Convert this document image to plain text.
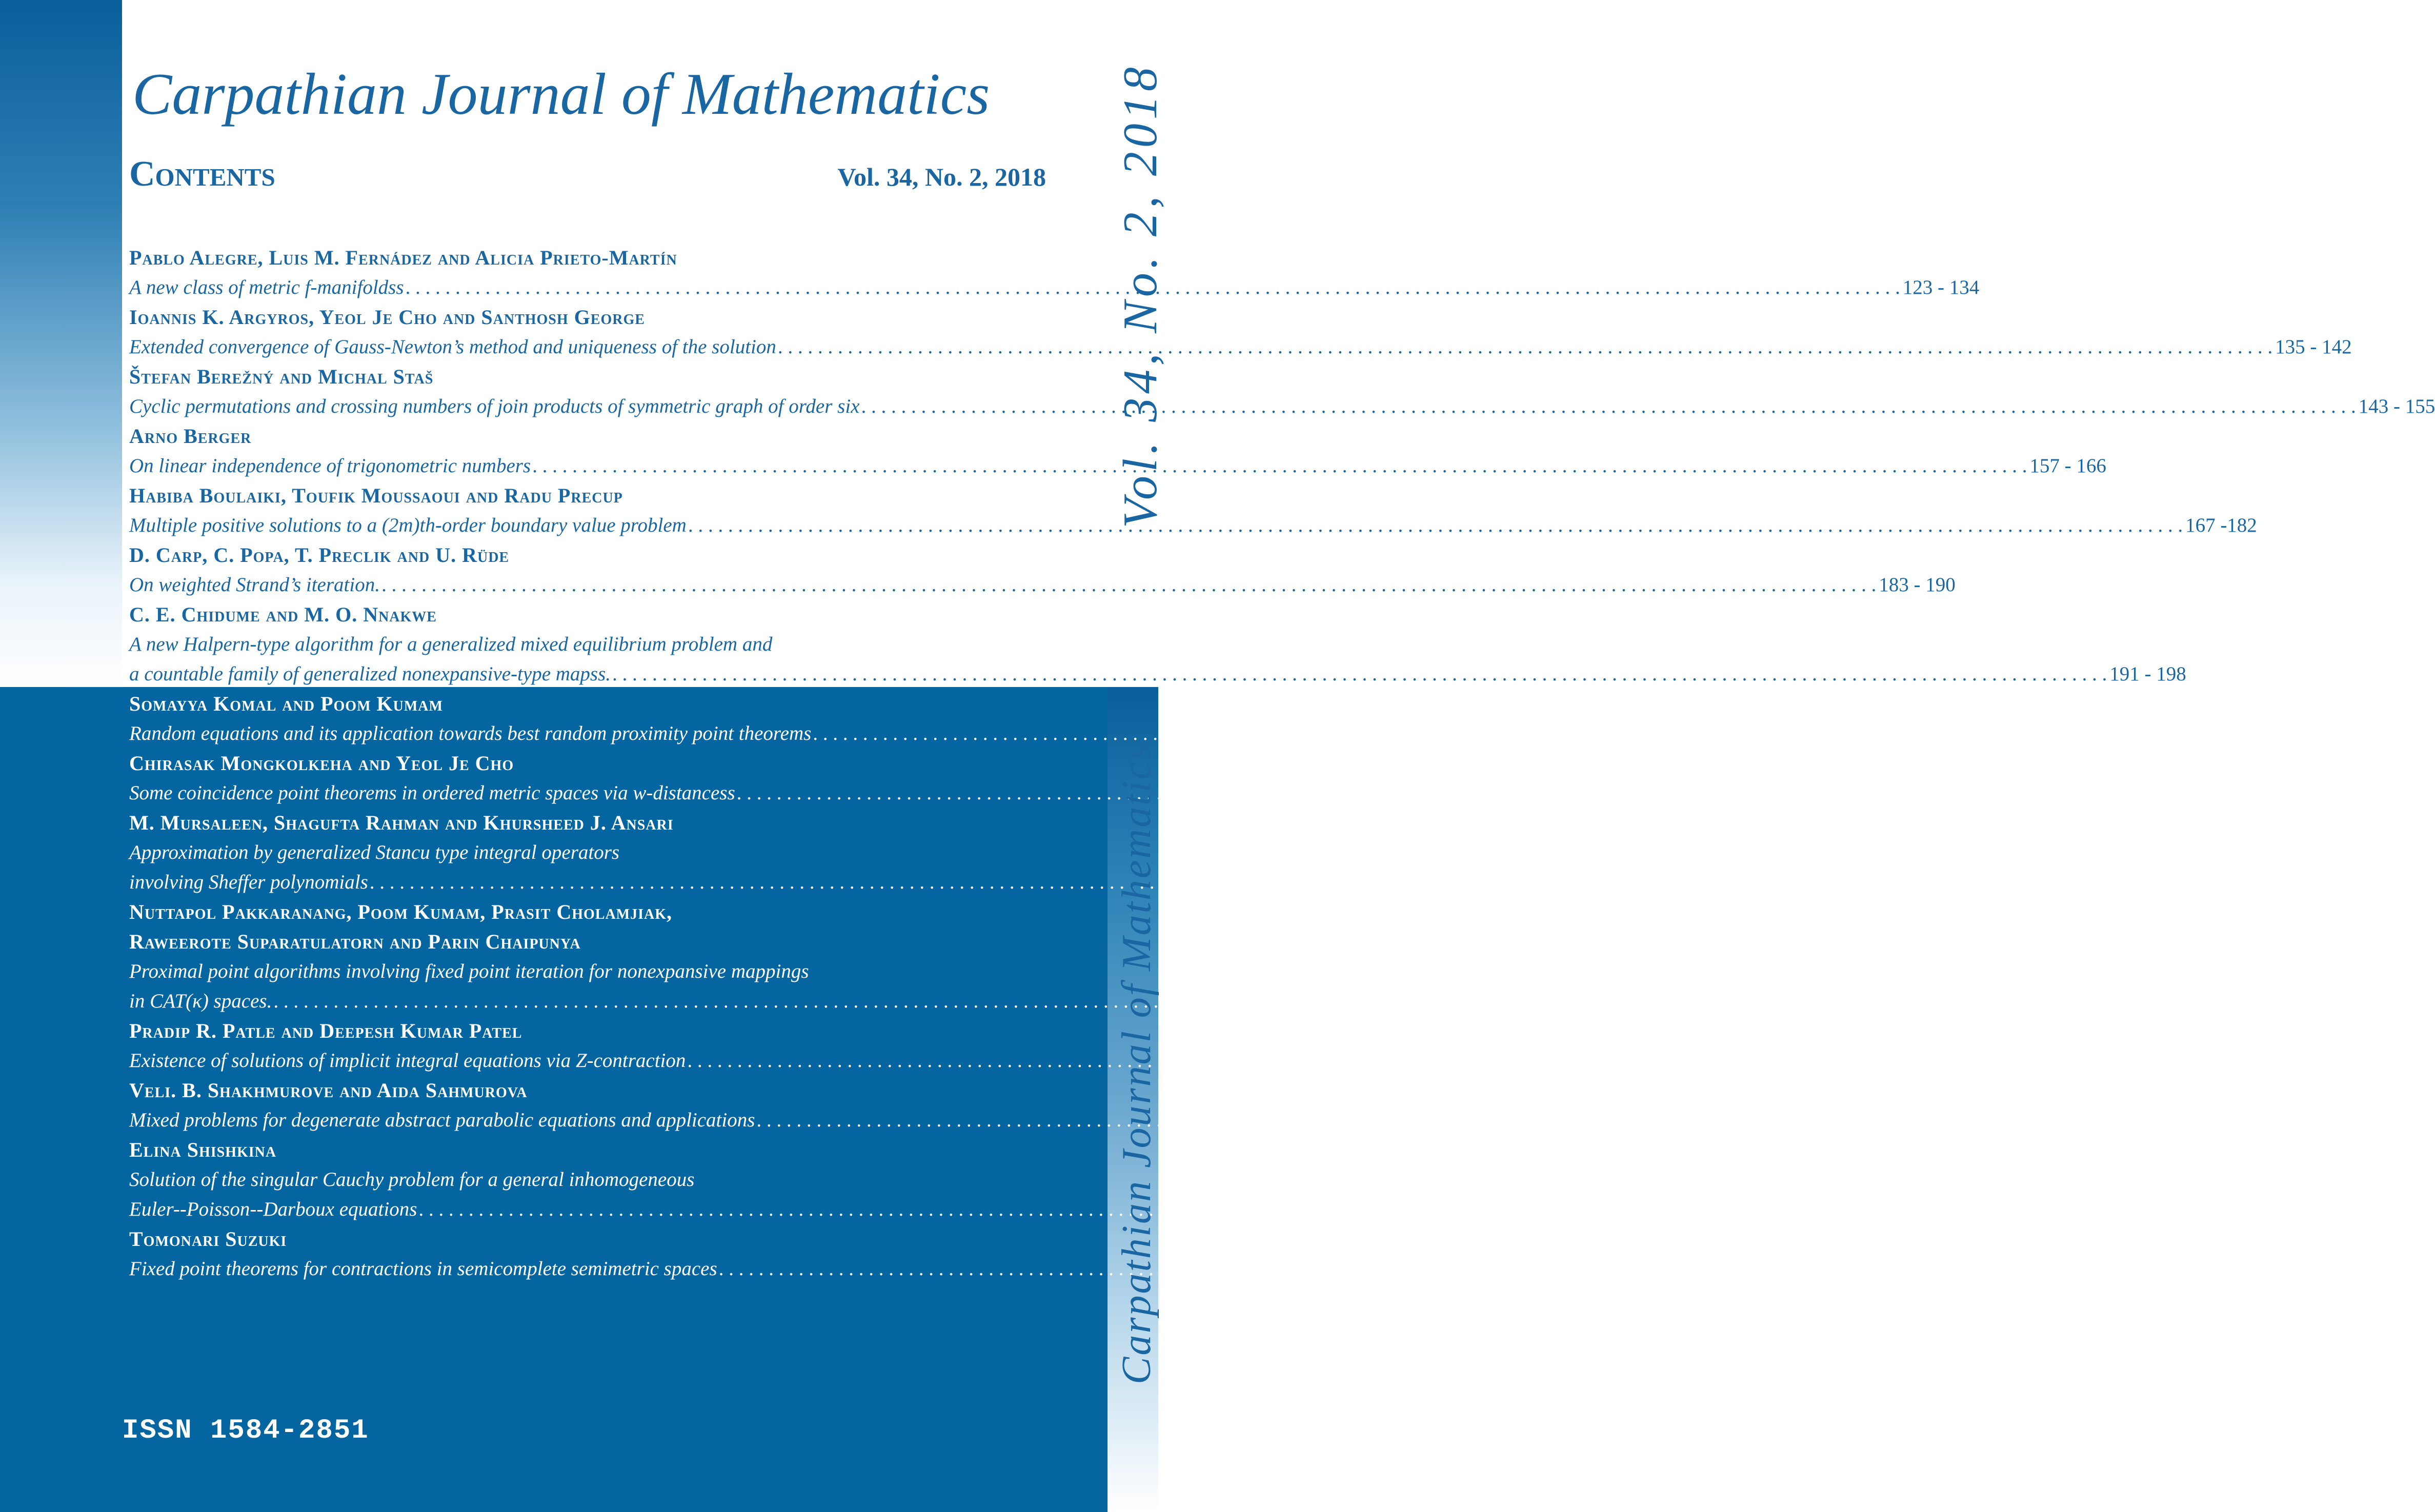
Carpathian Journal of Mathematics
Contents	Vol. 34, No. 2, 2018
Pablo Alegre, Luis M. Fernádez and Alicia Prieto-Martín
A new class of metric f-manifoldss . . .	123 - 134
Ioannis K. Argyros, Yeol Je Cho and Santhosh George
Extended convergence of Gauss-Newton’s method and uniqueness of the solution . . .	135 - 142
Štefan Berežný and Michal Staš
Cyclic permutations and crossing numbers of join products of symmetric graph of order six . . .	143 - 155
Arno Berger
On linear independence of trigonometric numbers . . .	157 - 166
Habiba Boulaiki, Toufik Moussaoui and Radu Precup
Multiple positive solutions to a (2m)th-order boundary value problem . . .	167 -182
D. Carp, C. Popa, T. Preclik and U. Rüde
On weighted Strand’s iteration. . . .	183 - 190
C. E. Chidume and M. O. Nnakwe
A new Halpern-type algorithm for a generalized mixed equilibrium problem and
a countable family of generalized nonexpansive-type mapss. . . .	191 - 198
Somayya Komal and Poom Kumam
Random equations and its application towards best random proximity point theorems . . .	199 - 206
Chirasak Mongkolkeha and Yeol Je Cho
Some coincidence point theorems in ordered metric spaces via w-distancess . . .	207 - 214
M. Mursaleen, Shagufta Rahman and Khursheed J. Ansari
Approximation by generalized Stancu type integral operators
involving Sheffer polynomials . . .	215- 228
Nuttapol Pakkaranang, Poom Kumam, Prasit Cholamjiak,
Raweerote Suparatulatorn and Parin Chaipunya
Proximal point algorithms involving fixed point iteration for nonexpansive mappings
in CAT(κ) spaces. . . .	229 - 237
Pradip R. Patle and Deepesh Kumar Patel
Existence of solutions of implicit integral equations via Z-contraction . . .	239 - 246
Veli. B. Shakhmurove and Aida Sahmurova
Mixed problems for degenerate abstract parabolic equations and applications . . .	247 - 254
Elina Shishkina
Solution of the singular Cauchy problem for a general inhomogeneous
Euler--Poisson--Darboux equations . . .	255 - 267
Tomonari Suzuki
Fixed point theorems for contractions in semicomplete semimetric spaces . . .	269 - 275
ISSN 1584-2851
Vol. 34, No. 2, 2018
Carpathian Journal of Mathematics
